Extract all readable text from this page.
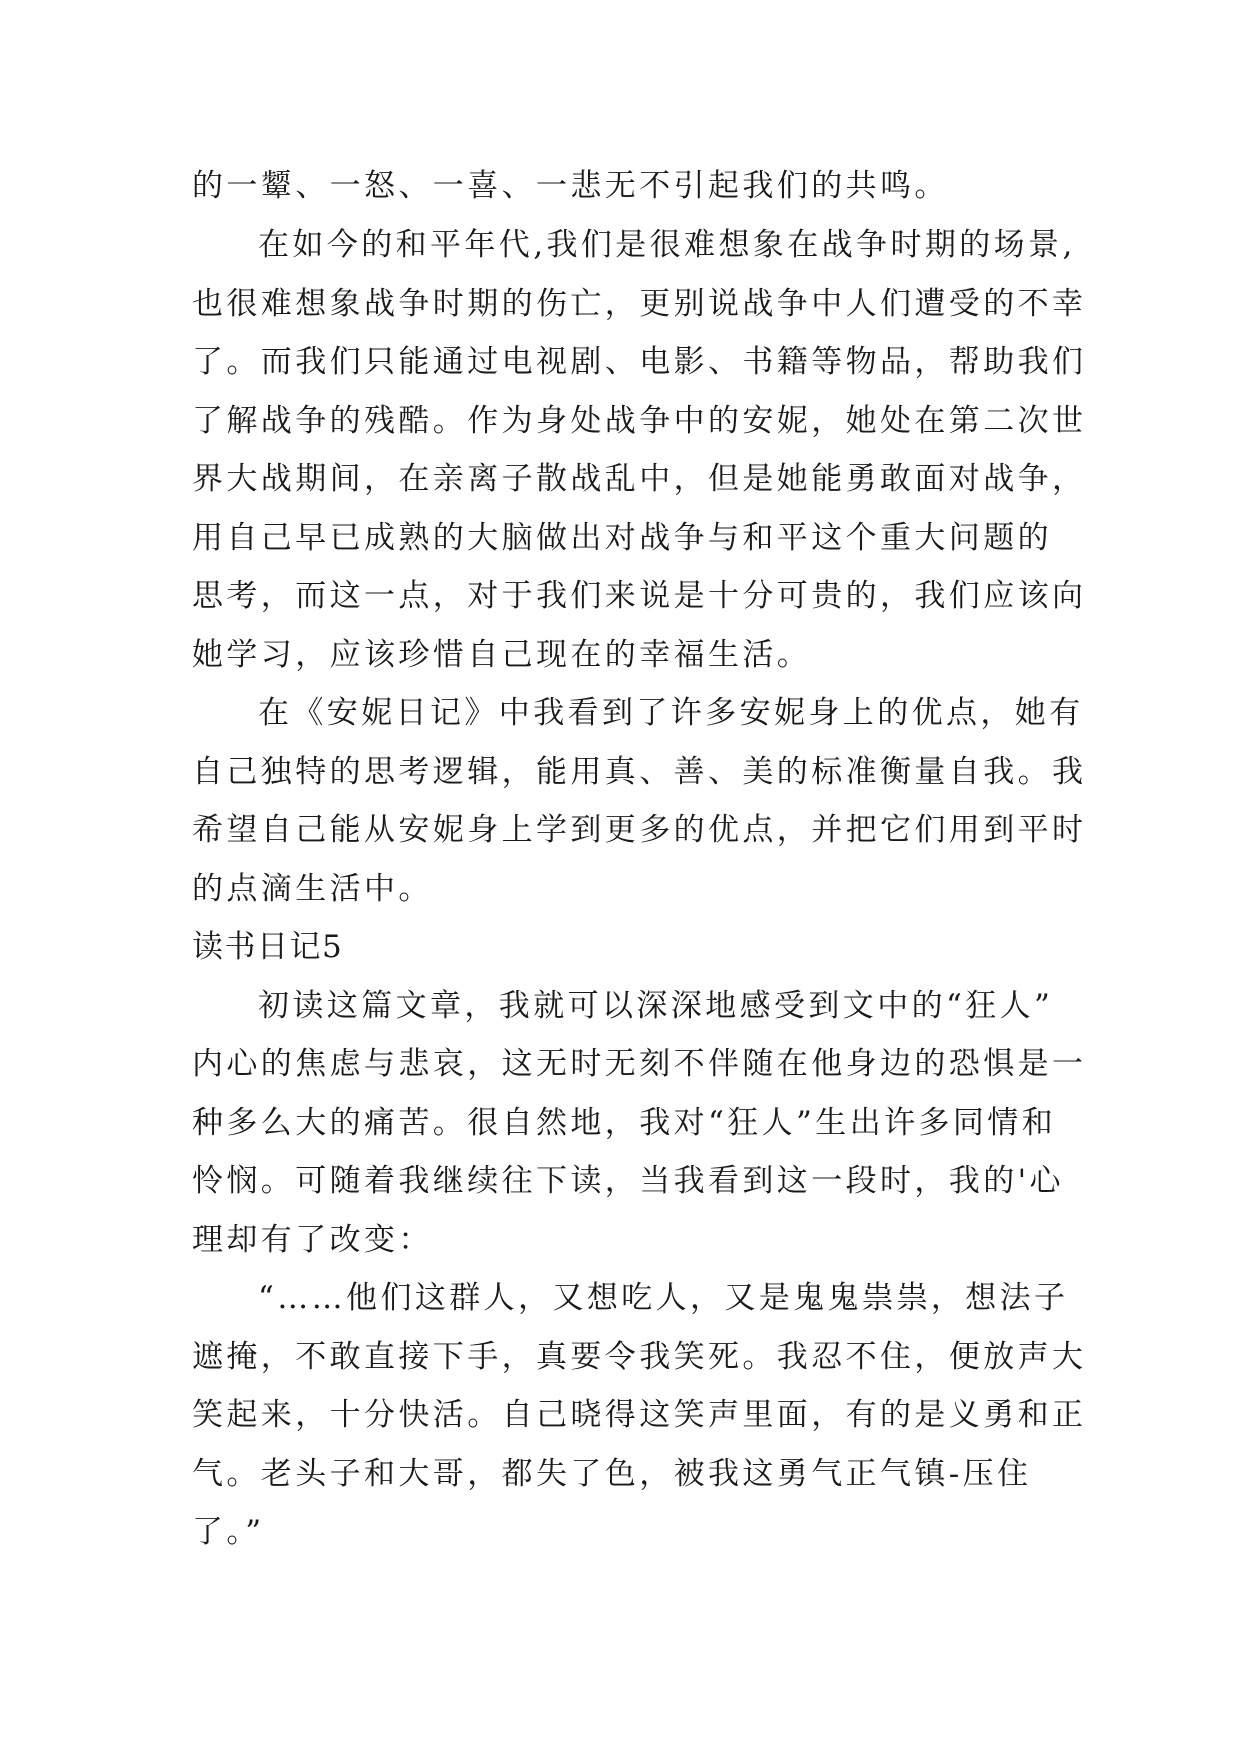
的一颦、一怒、一喜、一悲无不引起我们的共鸣。
在如今的和平年代,我们是很难想象在战争时期的场景,
也很难想象战争时期的伤亡，更别说战争中人们遭受的不幸
了。而我们只能通过电视剧、电影、书籍等物品，帮助我们
了解战争的残酷。作为身处战争中的安妮，她处在第二次世
界大战期间，在亲离子散战乱中，但是她能勇敢面对战争，
用自己早已成熟的大脑做出对战争与和平这个重大问题的
思考，而这一点，对于我们来说是十分可贵的，我们应该向
她学习，应该珍惜自己现在的幸福生活。
在《安妮日记》中我看到了许多安妮身上的优点，她有
自己独特的思考逻辑，能用真、善、美的标准衡量自我。我
希望自己能从安妮身上学到更多的优点，并把它们用到平时
的点滴生活中。
读书日记5
初读这篇文章，我就可以深深地感受到文中的“狂人”
内心的焦虑与悲哀，这无时无刻不伴随在他身边的恐惧是一
种多么大的痛苦。很自然地，我对“狂人”生出许多同情和
怜悯。可随着我继续往下读，当我看到这一段时，我的'心
理却有了改变：
“……他们这群人，又想吃人，又是鬼鬼祟祟，想法子
遮掩，不敢直接下手，真要令我笑死。我忍不住，便放声大
笑起来，十分快活。自己晓得这笑声里面，有的是义勇和正
气。老头子和大哥，都失了色，被我这勇气正气镇-压住
了。”
